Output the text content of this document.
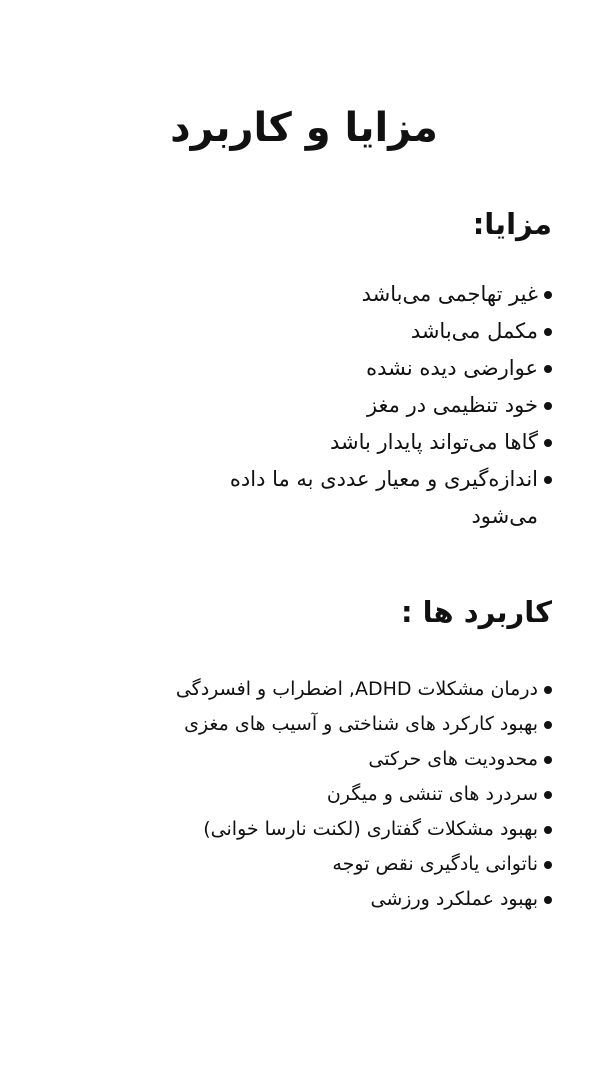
مزایا و کاربرد
مزایا:
غیر تهاجمی می‌باشد
مکمل می‌باشد
عوارضی دیده نشده
خود تنظیمی در مغز
گاها می‌تواند پایدار باشد
اندازه‌گیری و معیار عددی به ما داده می‌شود
کاربرد ها :
درمان مشکلات ADHD, اضطراب و افسردگی
بهبود کارکرد های شناختی و آسیب های مغزی
محدودیت های حرکتی
سردرد های تنشی و میگرن
بهبود مشکلات گفتاری (لکنت نارسا خوانی)
ناتوانی یادگیری نقص توجه
بهبود عملکرد ورزشی
